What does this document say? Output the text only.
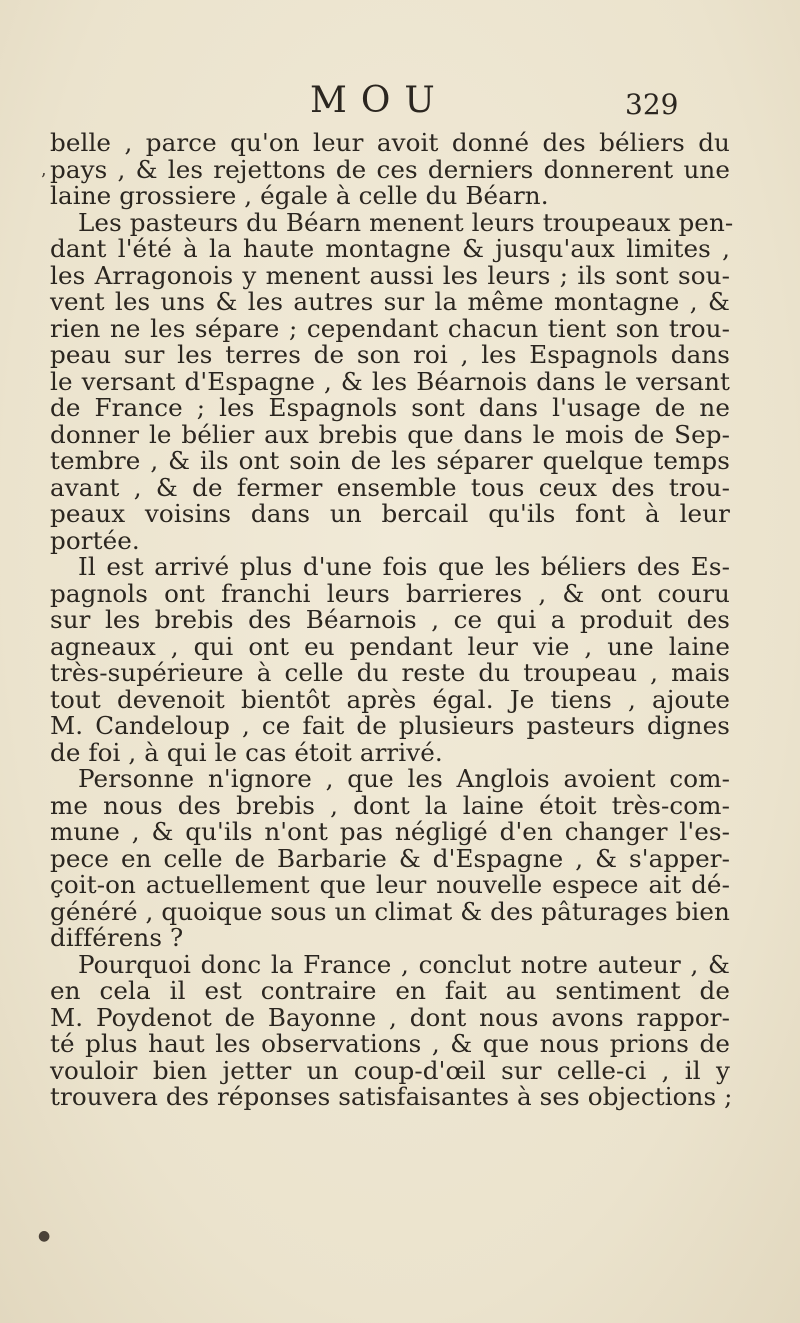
MOU	329
ʼ
●
belle , parce qu'on leur avoit donné des béliers du
pays , & les rejettons de ces derniers donnerent une
laine grossiere , égale à celle du Béarn.
Les pasteurs du Béarn menent leurs troupeaux pen-
dant l'été à la haute montagne & jusqu'aux limites ,
les Arragonois y menent aussi les leurs ; ils sont sou-
vent les uns & les autres sur la même montagne , &
rien ne les sépare ; cependant chacun tient son trou-
peau sur les terres de son roi , les Espagnols dans
le versant d'Espagne , & les Béarnois dans le versant
de France ; les Espagnols sont dans l'usage de ne
donner le bélier aux brebis que dans le mois de Sep-
tembre , & ils ont soin de les séparer quelque temps
avant , & de fermer ensemble tous ceux des trou-
peaux voisins dans un bercail qu'ils font à leur
portée.
Il est arrivé plus d'une fois que les béliers des Es-
pagnols ont franchi leurs barrieres , & ont couru
sur les brebis des Béarnois , ce qui a produit des
agneaux , qui ont eu pendant leur vie , une laine
très-supérieure à celle du reste du troupeau , mais
tout devenoit bientôt après égal. Je tiens , ajoute
M. Candeloup , ce fait de plusieurs pasteurs dignes
de foi , à qui le cas étoit arrivé.
Personne n'ignore , que les Anglois avoient com-
me nous des brebis , dont la laine étoit très-com-
mune , & qu'ils n'ont pas négligé d'en changer l'es-
pece en celle de Barbarie & d'Espagne , & s'apper-
çoit-on actuellement que leur nouvelle espece ait dé-
généré , quoique sous un climat & des pâturages bien
différens ?
Pourquoi donc la France , conclut notre auteur , &
en cela il est contraire en fait au sentiment de
M. Poydenot de Bayonne , dont nous avons rappor-
té plus haut les observations , & que nous prions de
vouloir bien jetter un coup-d'œil sur celle-ci , il y
trouvera des réponses satisfaisantes à ses objections ;
